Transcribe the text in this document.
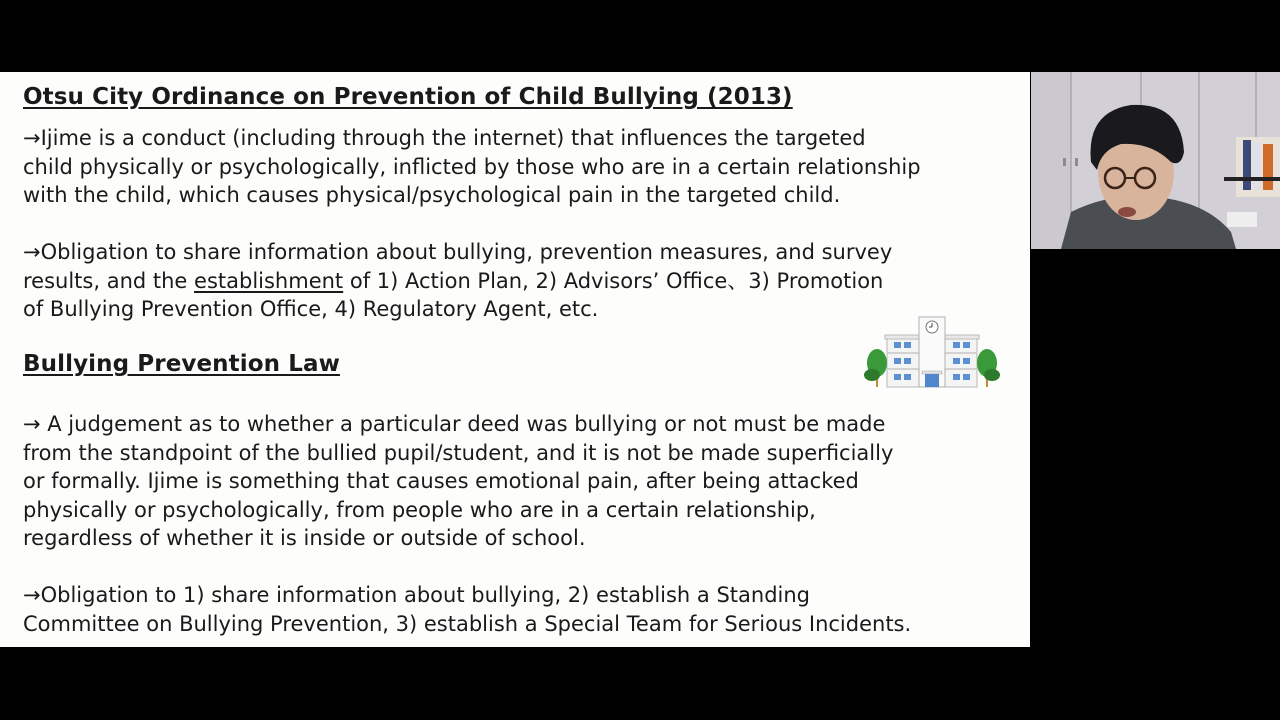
Otsu City Ordinance on Prevention of Child Bullying (2013)
→Ijime is a conduct (including through the internet) that influences the targeted
child physically or psychologically, inflicted by those who are in a certain relationship
with the child, which causes physical/psychological pain in the targeted child.
→Obligation to share information about bullying, prevention measures, and survey
results, and the establishment of 1) Action Plan, 2) Advisors’ Office、3) Promotion
of Bullying Prevention Office, 4) Regulatory Agent, etc.
Bullying Prevention Law
→ A judgement as to whether a particular deed was bullying or not must be made
from the standpoint of the bullied pupil/student, and it is not be made superficially
or formally. Ijime is something that causes emotional pain, after being attacked
physically or psychologically, from people who are in a certain relationship,
regardless of whether it is inside or outside of school.
→Obligation to 1) share information about bullying, 2) establish a Standing
Committee on Bullying Prevention, 3) establish a Special Team for Serious Incidents.
